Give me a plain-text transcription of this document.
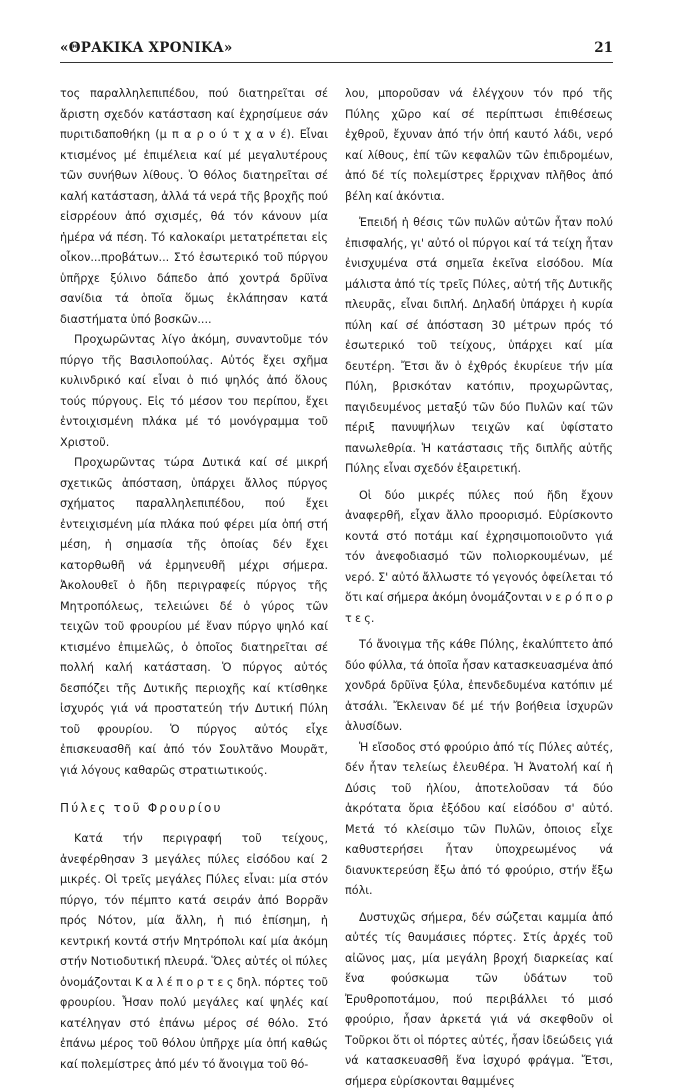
«ΘΡΑΚΙΚΑ ΧΡΟΝΙΚΑ»	21

τος παραλληλεπιπέδου, πού διατηρεῖται σέ ἄριστη σχεδόν κατάσταση καί ἐχρησίμευε σάν πυριτιδαποθήκη (μ π α ρ ο ύ τ χ α ν έ). Εἶναι κτισμένος μέ ἐπιμέλεια καί μέ μεγαλυτέρους τῶν συνήθων λίθους. Ὁ θόλος διατηρεῖται σέ καλή κατάσταση, ἀλλά τά νερά τῆς βροχῆς πού εἰσρρέουν ἀπό σχισμές, θά τόν κάνουν μία ἡμέρα νά πέση. Τό καλοκαίρι μετατρέπεται εἰς οἶκον...προβάτων... Στό ἐσωτερικό τοῦ πύργου ὑπῆρχε ξύλινο δάπεδο ἀπό χοντρά δρῦϊνα σανίδια τά ὁποῖα ὅμως ἐκλάπησαν κατά διαστήματα ὑπό βοσκῶν....

Προχωρῶντας λίγο ἀκόμη, συναντοῦμε τόν πύργο τῆς Βασιλοπούλας. Αὐτός ἔχει σχῆμα κυλινδρικό καί εἶναι ὁ πιό ψηλός ἀπό ὅλους τούς πύργους. Εἰς τό μέσον του περίπου, ἔχει ἐντοιχισμένη πλάκα μέ τό μονόγραμμα τοῦ Χριστοῦ.

Προχωρῶντας τώρα Δυτικά καί σέ μικρή σχετικῶς ἀπόσταση, ὑπάρχει ἄλλος πύργος σχήματος παραλληλεπιπέδου, πού ἔχει ἐντειχισμένη μία πλάκα πού φέρει μία ὀπή στή μέση, ἡ σημασία τῆς ὁποίας δέν ἔχει κατορθωθῆ νά ἑρμηνευθῆ μέχρι σήμερα. Ἀκολουθεῖ ὁ ἤδη περιγραφείς πύργος τῆς Μητροπόλεως, τελειώνει δέ ὁ γύρος τῶν τειχῶν τοῦ φρουρίου μέ ἕναν πύργο ψηλό καί κτισμένο ἐπιμελῶς, ὁ ὁποῖος διατηρεῖται σέ πολλή καλή κατάσταση. Ὁ πύργος αὐτός δεσπόζει τῆς Δυτικῆς περιοχῆς καί κτίσθηκε ἰσχυρός γιά νά προστατεύη τήν Δυτική Πύλη τοῦ φρουρίου. Ὁ πύργος αὐτός εἶχε ἐπισκευασθῆ καί ἀπό τόν Σουλτᾶνο Μουρᾶτ, γιά λόγους καθαρῶς στρατιωτικούς.

Πύλες τοῦ Φρουρίου

Κατά τήν περιγραφή τοῦ τείχους, ἀνεφέρθησαν 3 μεγάλες πύλες εἰσόδου καί 2 μικρές. Οἱ τρεῖς μεγάλες Πύλες εἶναι: μία στόν πύργο, τόν πέμπτο κατά σειράν ἀπό Βορρᾶν πρός Νότον, μία ἄλλη, ἡ πιό ἐπίσημη, ἡ κεντρική κοντά στήν Μητρόπολι καί μία ἀκόμη στήν Νοτιοδυτική πλευρά. Ὅλες αὐτές οἱ πύλες ὀνομάζονται Κ α λ έ π ο ρ τ ε ς δηλ. πόρτες τοῦ φρουρίου. Ἦσαν πολύ μεγάλες καί ψηλές καί κατέληγαν στό ἐπάνω μέρος σέ θόλο. Στό ἐπάνω μέρος τοῦ θόλου ὑπῆρχε μία ὀπή καθώς καί πολεμίστρες ἀπό μέν τό ἄνοιγμα τοῦ θό-

λου, μποροῦσαν νά ἐλέγχουν τόν πρό τῆς Πύλης χῶρο καί σέ περίπτωσι ἐπιθέσεως ἐχθροῦ, ἔχυναν ἀπό τήν ὀπή καυτό λάδι, νερό καί λίθους, ἐπί τῶν κεφαλῶν τῶν ἐπιδρομέων, ἀπό δέ τίς πολεμίστρες ἔρριχναν πλῆθος ἀπό βέλη καί ἀκόντια.

Ἐπειδή ἡ θέσις τῶν πυλῶν αὐτῶν ἦταν πολύ ἐπισφαλής, γι' αὐτό οἱ πύργοι καί τά τείχη ἦταν ἐνισχυμένα στά σημεῖα ἐκεῖνα εἰσόδου. Μία μάλιστα ἀπό τίς τρεῖς Πύλες, αὐτή τῆς Δυτικῆς πλευρᾶς, εἶναι διπλή. Δηλαδή ὑπάρχει ἡ κυρία πύλη καί σέ ἀπόσταση 30 μέτρων πρός τό ἐσωτερικό τοῦ τείχους, ὑπάρχει καί μία δευτέρη. Ἔτσι ἄν ὁ ἐχθρός ἐκυρίευε τήν μία Πύλη, βρισκόταν κατόπιν, προχωρῶντας, παγιδευμένος μεταξύ τῶν δύο Πυλῶν καί τῶν πέριξ πανυψήλων τειχῶν καί ὑφίστατο πανωλεθρία. Ἡ κατάστασις τῆς διπλῆς αὐτῆς Πύλης εἶναι σχεδόν ἐξαιρετική.

Οἱ δύο μικρές πύλες πού ἤδη ἔχουν ἀναφερθῆ, εἶχαν ἄλλο προορισμό. Εὑρίσκοντο κοντά στό ποτάμι καί ἐχρησιμοποιοῦντο γιά τόν ἀνεφοδιασμό τῶν πολιορκουμένων, μέ νερό. Σ' αὐτό ἄλλωστε τό γεγονός ὀφείλεται τό ὅτι καί σήμερα ἀκόμη ὀνομάζονται ν ε ρ ό π ο ρ τ ε ς.

Τό ἄνοιγμα τῆς κάθε Πύλης, ἐκαλύπτετο ἀπό δύο φύλλα, τά ὁποῖα ἦσαν κατασκευασμένα ἀπό χονδρά δρῦϊνα ξύλα, ἐπενδεδυμένα κατόπιν μέ ἀτσάλι. Ἔκλειναν δέ μέ τήν βοήθεια ἰσχυρῶν ἁλυσίδων.

Ἡ εἴσοδος στό φρούριο ἀπό τίς Πύλες αὐτές, δέν ἦταν τελείως ἐλευθέρα. Ἡ Ἀνατολή καί ἡ Δύσις τοῦ ἡλίου, ἀποτελοῦσαν τά δύο ἀκρότατα ὅρια ἐξόδου καί εἰσόδου σ' αὐτό. Μετά τό κλείσιμο τῶν Πυλῶν, ὁποιος εἶχε καθυστερήσει ἦταν ὑποχρεωμένος νά διανυκτερεύση ἔξω ἀπό τό φρούριο, στήν ἔξω πόλι.

Δυστυχῶς σήμερα, δέν σώζεται καμμία ἀπό αὐτές τίς θαυμάσιες πόρτες. Στίς ἀρχές τοῦ αἰῶνος μας, μία μεγάλη βροχή διαρκείας καί ἕνα φούσκωμα τῶν ὑδάτων τοῦ Ἐρυθροποτάμου, πού περιβάλλει τό μισό φρούριο, ἦσαν ἀρκετά γιά νά σκεφθοῦν οἱ Τοῦρκοι ὅτι οἱ πόρτες αὐτές, ἦσαν ἰδεώδεις γιά νά κατασκευασθῆ ἕνα ἰσχυρό φράγμα. Ἔτσι, σήμερα εὑρίσκονται θαμμένες
